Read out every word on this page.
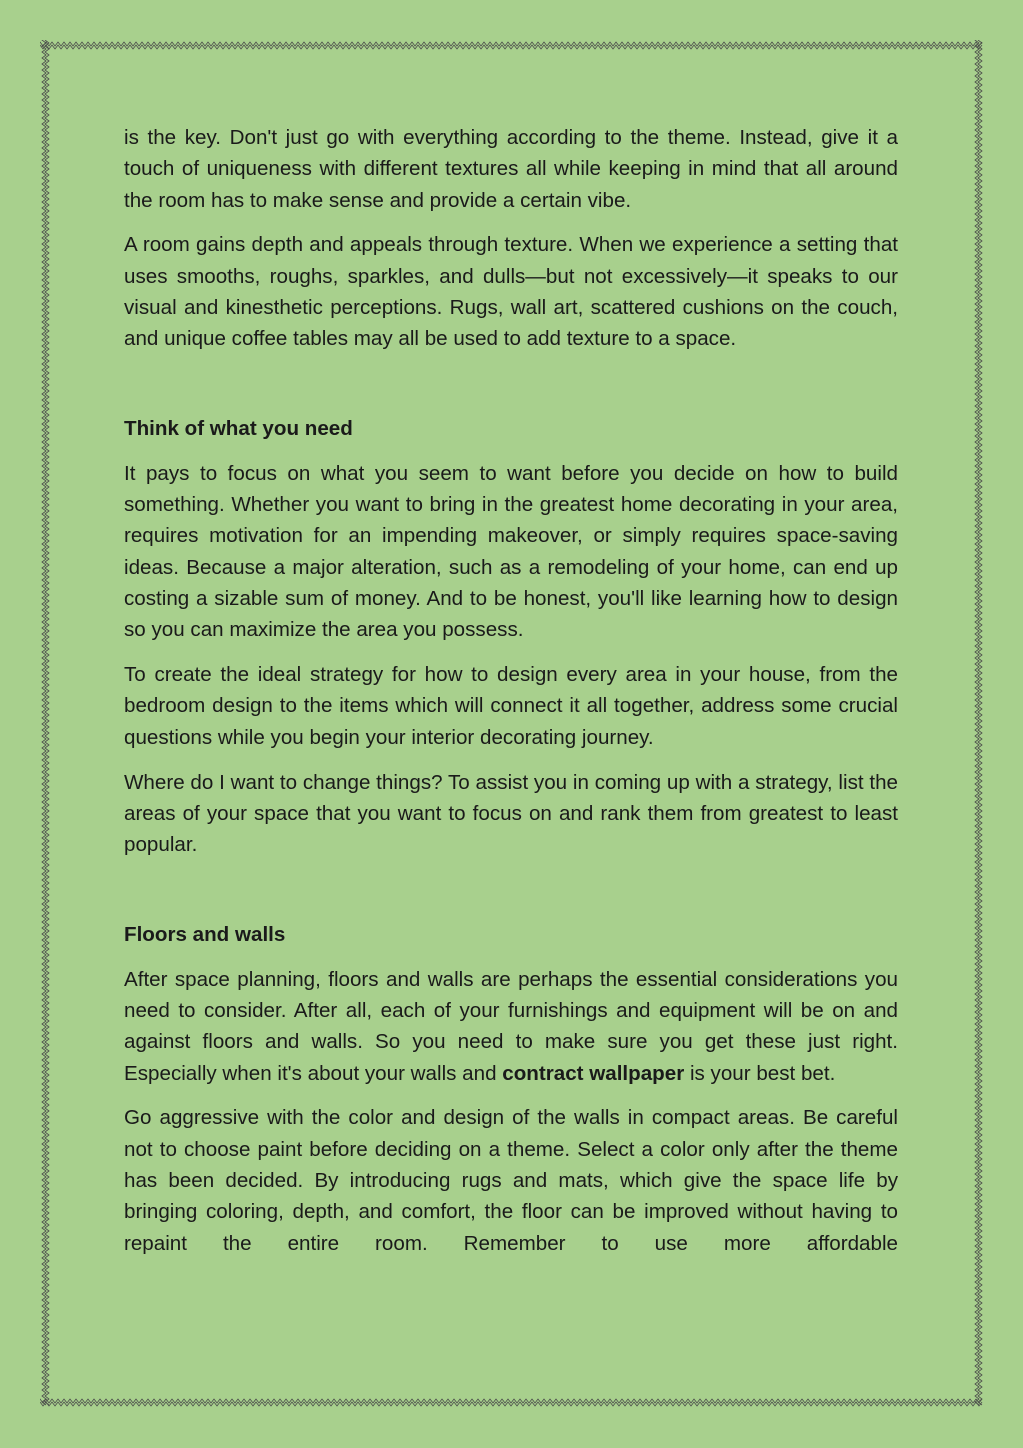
is the key. Don't just go with everything according to the theme. Instead, give it a touch of uniqueness with different textures all while keeping in mind that all around the room has to make sense and provide a certain vibe.

A room gains depth and appeals through texture. When we experience a setting that uses smooths, roughs, sparkles, and dulls—but not excessively—it speaks to our visual and kinesthetic perceptions. Rugs, wall art, scattered cushions on the couch, and unique coffee tables may all be used to add texture to a space.

Think of what you need

It pays to focus on what you seem to want before you decide on how to build something. Whether you want to bring in the greatest home decorating in your area, requires motivation for an impending makeover, or simply requires space-saving ideas. Because a major alteration, such as a remodeling of your home, can end up costing a sizable sum of money. And to be honest, you'll like learning how to design so you can maximize the area you possess.

To create the ideal strategy for how to design every area in your house, from the bedroom design to the items which will connect it all together, address some crucial questions while you begin your interior decorating journey.

Where do I want to change things? To assist you in coming up with a strategy, list the areas of your space that you want to focus on and rank them from greatest to least popular.

Floors and walls

After space planning, floors and walls are perhaps the essential considerations you need to consider. After all, each of your furnishings and equipment will be on and against floors and walls. So you need to make sure you get these just right. Especially when it's about your walls and contract wallpaper is your best bet.

Go aggressive with the color and design of the walls in compact areas. Be careful not to choose paint before deciding on a theme. Select a color only after the theme has been decided. By introducing rugs and mats, which give the space life by bringing coloring, depth, and comfort, the floor can be improved without having to repaint the entire room. Remember to use more affordable
